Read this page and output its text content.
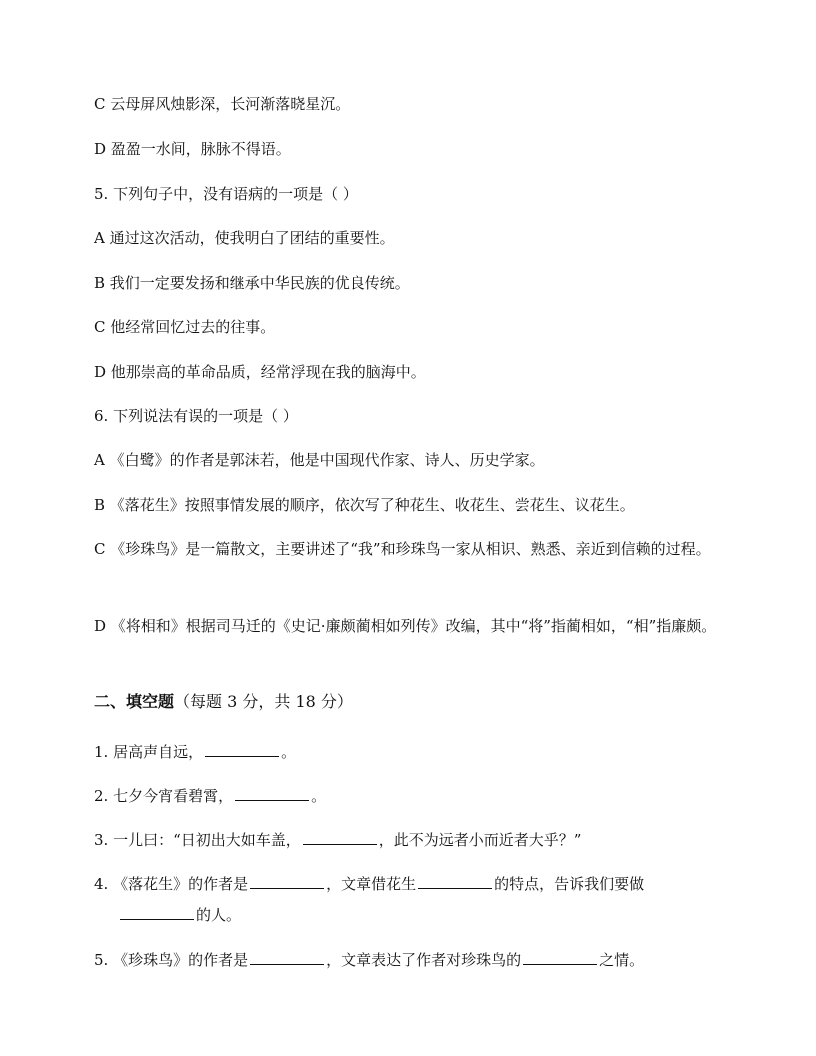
C 云母屏风烛影深，长河渐落晓星沉。
D 盈盈一水间，脉脉不得语。
5. 下列句子中，没有语病的一项是（ ）
A 通过这次活动，使我明白了团结的重要性。
B 我们一定要发扬和继承中华民族的优良传统。
C 他经常回忆过去的往事。
D 他那崇高的革命品质，经常浮现在我的脑海中。
6. 下列说法有误的一项是（ ）
A 《白鹭》的作者是郭沫若，他是中国现代作家、诗人、历史学家。
B 《落花生》按照事情发展的顺序，依次写了种花生、收花生、尝花生、议花生。
C 《珍珠鸟》是一篇散文，主要讲述了“我”和珍珠鸟一家从相识、熟悉、亲近到信赖的过程。
D 《将相和》根据司马迁的《史记·廉颇蔺相如列传》改编，其中“将”指蔺相如，“相”指廉颇。
二、填空题（每题 3 分，共 18 分）
1. 居高声自远，	。
2. 七夕今宵看碧霄，	。
3. 一儿曰：“日初出大如车盖，	，此不为远者小而近者大乎？”
4. 《落花生》的作者是	，文章借花生	的特点，告诉我们要做
的人。
5. 《珍珠鸟》的作者是	，文章表达了作者对珍珠鸟的	之情。
